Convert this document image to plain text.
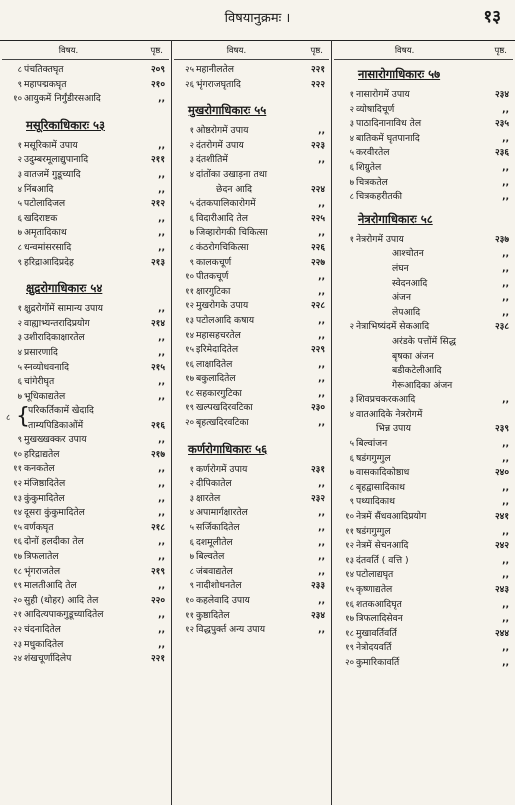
विषयानुक्रमः ।	१३
विषय.	पृष्ठ.
८ पंचतिक्तघृत	२०९
९ महापद्मकघृत	२१०
१० आयुकमें निर्गुंडीरसआदि	,,
मसूरिकाधिकारः ५३
१ मसूरिकामें उपाय	,,
२ उदुम्बरमूलाद्युपानादि	२११
३ वातजमें गुडूच्यादि	,,
४ निंबआदि	,,
५ पटोलादिजल	२१२
६ खदिराष्टक	,,
७ अमृतादिकाथ	,,
८ धन्वमांसरसादि	,,
९ हरिद्राआदिप्रदेह	२१३
क्षुद्ररोगाधिकारः ५४
१ क्षुद्ररोगोंमें सामान्य उपाय	,,
२ वाह्याभ्यन्तरादिप्रयोग	२१४
३ उशीरादिकाक्षारतेल	,,
४ प्रसारणादि	,,
५ स्नव्योधवनादि	२१५
६ चांगेरीघृत	,,
७ भूधिकाद्यतेल	,,
८ {
परिकर्तिकामें खेदादि
ताम्यपिडिकाओंमें	२१६
९ मुखख्खक्कर उपाय	,,
१० हरिद्राद्यतेल	२१७
११ कनकतेल	,,
१२ मंजिष्ठादितेल	,,
१३ कुंकुमादितेल	,,
१४ दूसरा कुंकुमादितेल	,,
१५ वर्णकघृत	२१८
१६ दोनों हलदीका तेल	,,
१७ त्रिफलातेल	,,
१८ भृंगराजतेल	२१९
१९ मालतीआदि तेल	,,
२० सुही (थोहर) आदि तेल	२२०
२१ आदित्यपाकगुडूच्यादितेल	,,
२२ चंदनादितेल	,,
२३ मधुकादितेल	,,
२४ शंखचूर्णादिलेप	२२१
विषय.	पृष्ठ.
२५ महानीलतेल	२२१
२६ भृंगराजघृतादि	२२२
मुखरोगाधिकारः ५५
१ ओष्ठरोगमें उपाय	,,
२ दंतरोगमें उपाय	२२३
३ दंतशीतिमें	,,
४ दांतोंका उखाड़ना तथा
छेदन आदि	२२४
५ दंतकपालिकारोगमें	,,
६ विदारीआदि तेल	२२५
७ जिव्हारोगकी चिकित्सा	,,
८ कंठरोगचिकित्सा	२२६
९ कालकचूर्ण	२२७
१० पीतकचूर्ण	,,
११ क्षारगुटिका	,,
१२ मुखरोगके उपाय	२२८
१३ पटोलआदि कषाय	,,
१४ महासहचरतेल	,,
१५ इरिमेदादितेल	२२९
१६ लाक्षादितेल	,,
१७ बकुलादितेल	,,
१८ सहकारगुटिका	,,
१९ खल्पखदिरवटिका	२३०
२० बृहत्खदिरवटिका	,,
कर्णरोगाधिकारः ५६
१ कर्णरोगमें उपाय	२३१
२ दीपिकातेल	,,
३ क्षारतेल	२३२
४ अपामार्गक्षारतेल	,,
५ सर्जिकादितेल	,,
६ दशमूलीतेल	,,
७ बिल्वतेल	,,
८ जंबवाद्यतेल	,,
९ नादीशोधनतेल	२३३
१० कहलेवादि उपाय	,,
११ कुष्ठादितेल	२३४
१२ विद्धपुर्क्त अन्य उपाय	,,
विषय.	पृष्ठ.
नासारोगाधिकारः ५७
१ नासारोगमें उपाय	२३४
२ व्योषादिचूर्ण	,,
३ पाठादिनानाविध तेल	२३५
४ बातिकमें घृतपानादि	,,
५ करवीरतेल	२३६
६ शिग्रुतेल	,,
७ चित्रकतेल	,,
८ चित्रकहरीतकी	,,
नेत्ररोगाधिकारः ५८
१ नेत्ररोगमें उपाय	२३७
आश्चोतन	,,
लंघन	,,
स्वेदनआदि	,,
अंजन	,,
लेपआदि	,,
२ नेत्राभिष्यंदमें सेकआदि	२३८
अरंडके पत्तोंमें सिद्ध
बृषका अंजन
बडीकटेलीआदि
गेरूआदिका अंजन
३ शिवप्रचकरकआदि	,,
४ वातआदिके नेत्ररोगमें
भिन्न उपाय	२३९
५ बिल्वांजन	,,
६ षडंगगुग्गुल	,,
७ वासकादिकोष्ठाध	२४०
८ बृहद्वासादिकाथ	,,
९ पथ्यादिकाथ	,,
१० नेत्रमें सैंधवआदिप्रयोग	२४१
११ षडंगगुग्गुल	,,
१२ नेत्रमें सेचनआदि	२४२
१३ दंतवर्ति ( वत्ति )	,,
१४ पटोलाद्यघृत	,,
१५ कृष्णाद्यतेल	२४३
१६ शतकआदिघृत	,,
१७ त्रिफलादिसेवन	,,
१८ मुखावर्तिवर्ति	२४४
१९ नेत्रोदयवर्ति	,,
२० कुमारिकावर्ति	,,
